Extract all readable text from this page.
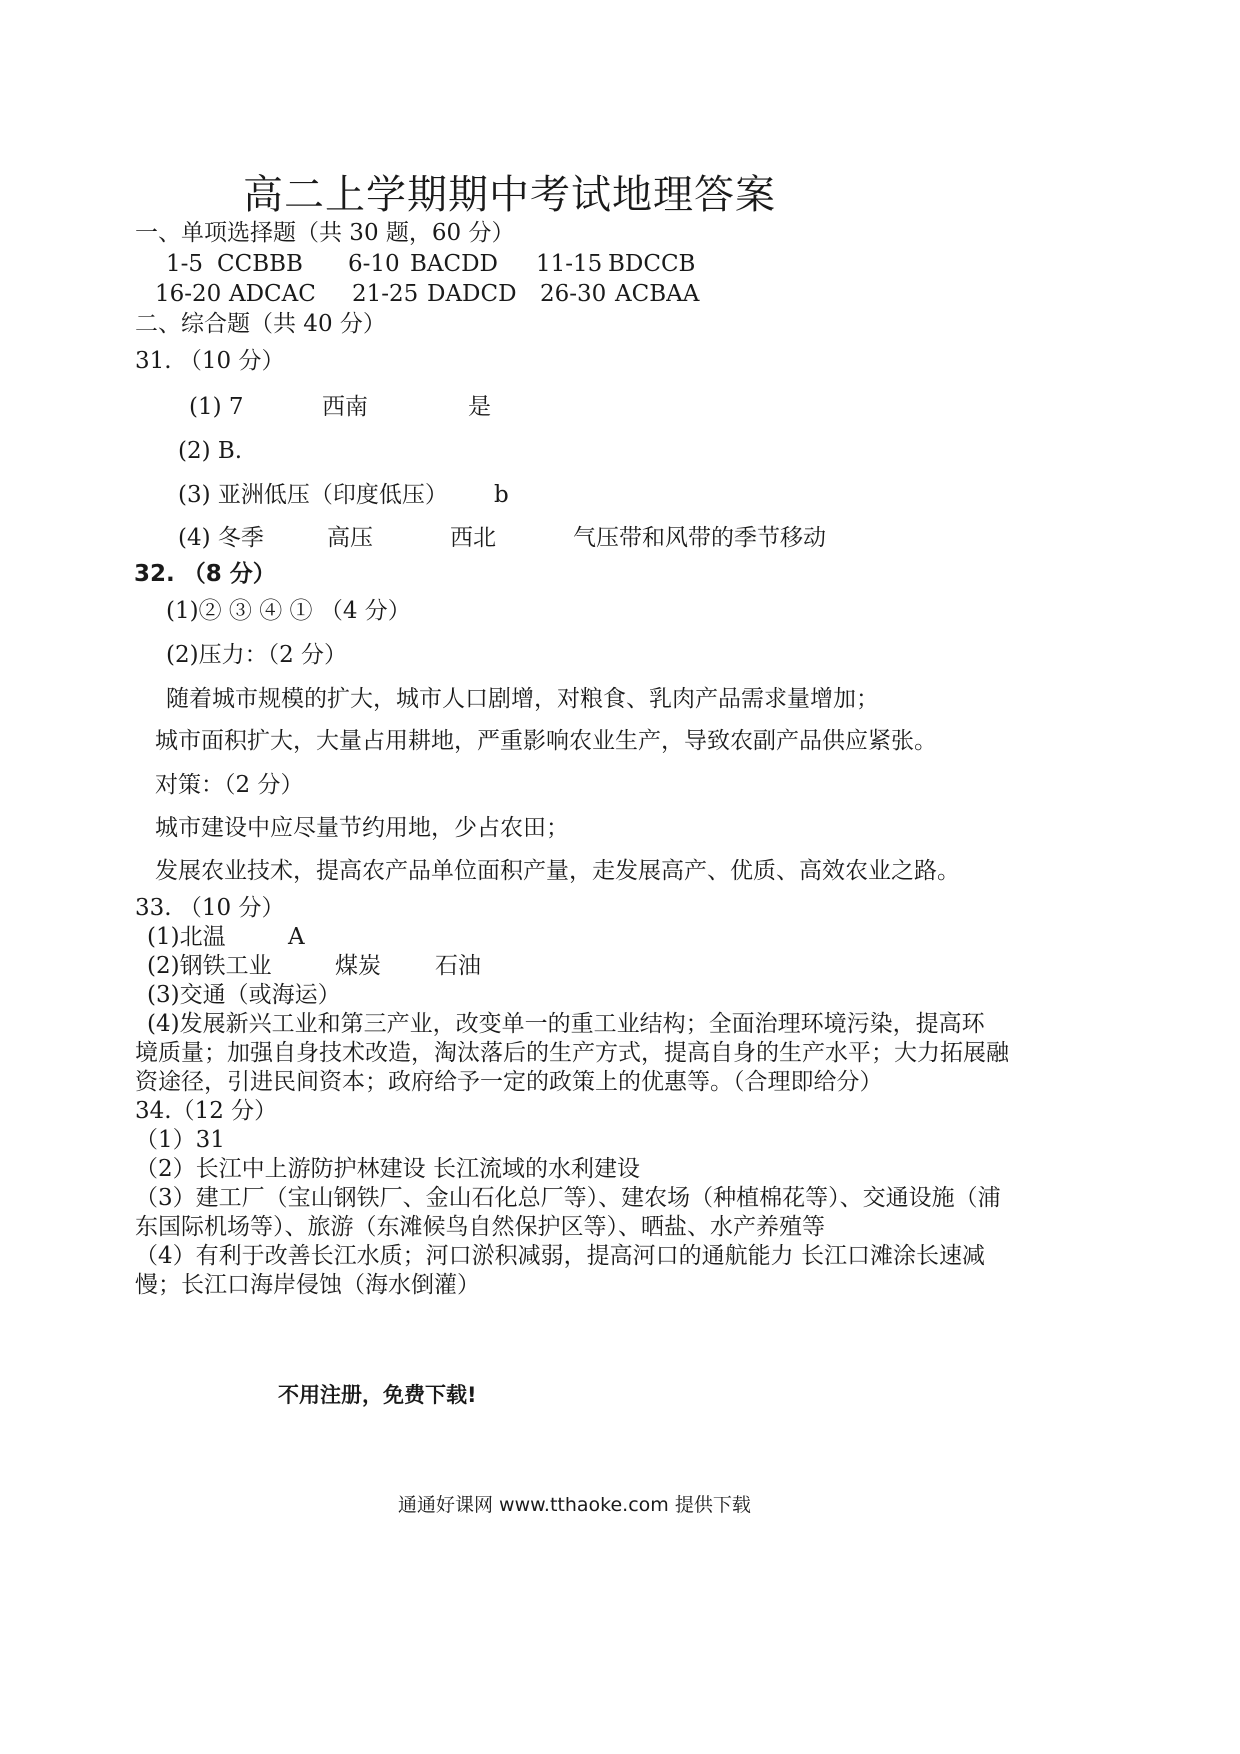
高二上学期期中考试地理答案
一、单项选择题（共 30 题，60 分）
1-5 CCBBB 6-10 BACDD 11-15 BDCCB
16-20 ADCAC 21-25 DADCD 26-30 ACBAA
二、综合题（共 40 分）
31. （10 分）
(1) 7	西南	是
(2) B.
(3) 亚洲低压（印度低压） b
(4) 冬季	高压	西北	气压带和风带的季节移动
32. （8 分）
(1)② ③ ④ ① （4 分）
(2)压力：（2 分）
随着城市规模的扩大，城市人口剧增，对粮食、乳肉产品需求量增加；
城市面积扩大，大量占用耕地，严重影响农业生产，导致农副产品供应紧张。
对策：（2 分）
城市建设中应尽量节约用地，少占农田；
发展农业技术，提高农产品单位面积产量，走发展高产、优质、高效农业之路。
33. （10 分）
(1)北温	A
(2)钢铁工业	煤炭 石油
(3)交通（或海运）
(4)发展新兴工业和第三产业，改变单一的重工业结构；全面治理环境污染，提高环
境质量；加强自身技术改造，淘汰落后的生产方式，提高自身的生产水平；大力拓展融
资途径，引进民间资本；政府给予一定的政策上的优惠等。（合理即给分）
34.（12 分）
（1）31
（2）长江中上游防护林建设 长江流域的水利建设
（3）建工厂（宝山钢铁厂、金山石化总厂等）、建农场（种植棉花等）、交通设施（浦
东国际机场等）、旅游（东滩候鸟自然保护区等）、晒盐、水产养殖等
（4）有利于改善长江水质；河口淤积减弱，提高河口的通航能力 长江口滩涂长速减
慢；长江口海岸侵蚀（海水倒灌）
不用注册，免费下载!
通通好课网 www.tthaoke.com 提供下载
